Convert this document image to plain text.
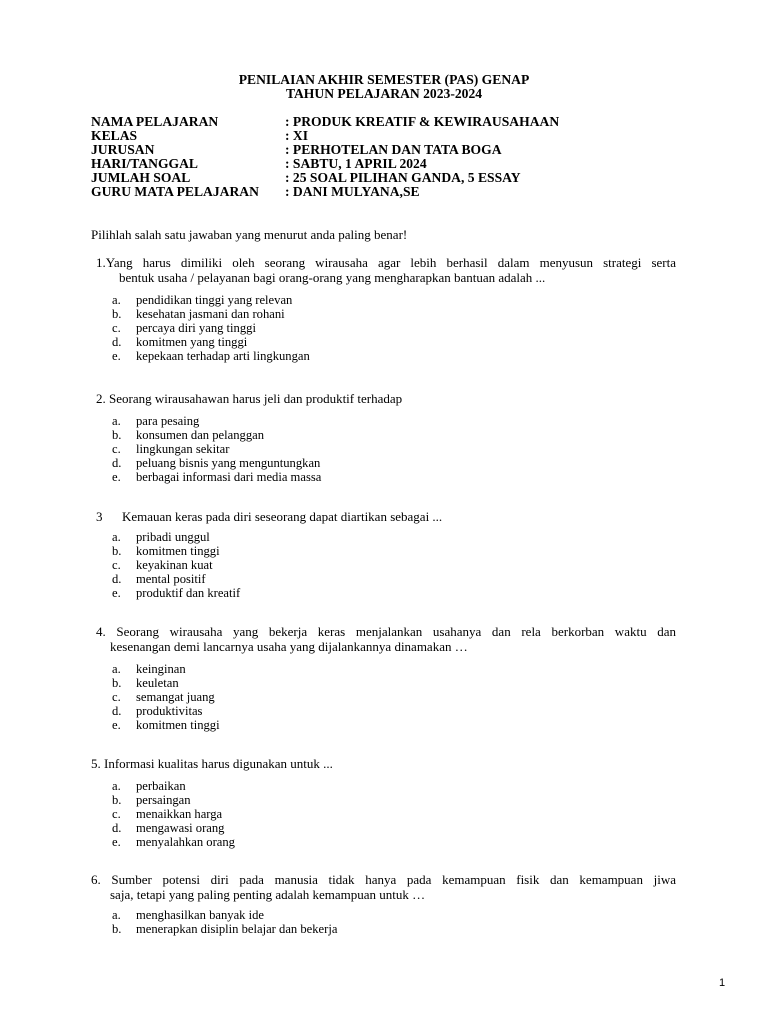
PENILAIAN AKHIR SEMESTER (PAS) GENAP
TAHUN PELAJARAN 2023-2024
NAMA PELAJARAN	: PRODUK KREATIF & KEWIRAUSAHAAN
KELAS	: XI
JURUSAN	: PERHOTELAN DAN TATA BOGA
HARI/TANGGAL	: SABTU, 1 APRIL 2024
JUMLAH SOAL	: 25 SOAL PILIHAN GANDA, 5 ESSAY
GURU MATA PELAJARAN : DANI MULYANA,SE
Pilihlah salah satu jawaban yang menurut anda paling benar!
1.Yang harus dimiliki oleh seorang wirausaha agar lebih berhasil dalam menyusun strategi serta
bentuk usaha / pelayanan bagi orang-orang yang mengharapkan bantuan adalah ...
a. pendidikan tinggi yang relevan
b. kesehatan jasmani dan rohani
c. percaya diri yang tinggi
d. komitmen yang tinggi
e. kepekaan terhadap arti lingkungan
2. Seorang wirausahawan harus jeli dan produktif terhadap
a. para pesaing
b. konsumen dan pelanggan
c. lingkungan sekitar
d. peluang bisnis yang menguntungkan
e. berbagai informasi dari media massa
3 Kemauan keras pada diri seseorang dapat diartikan sebagai ...
a. pribadi unggul
b. komitmen tinggi
c. keyakinan kuat
d. mental positif
e. produktif dan kreatif
4. Seorang wirausaha yang bekerja keras menjalankan usahanya dan rela berkorban waktu dan
kesenangan demi lancarnya usaha yang dijalankannya dinamakan …
a. keinginan
b. keuletan
c. semangat juang
d. produktivitas
e. komitmen tinggi
5. Informasi kualitas harus digunakan untuk ...
a. perbaikan
b. persaingan
c. menaikkan harga
d. mengawasi orang
e. menyalahkan orang
6. Sumber potensi diri pada manusia tidak hanya pada kemampuan fisik dan kemampuan jiwa
saja, tetapi yang paling penting adalah kemampuan untuk …
a. menghasilkan banyak ide
b. menerapkan disiplin belajar dan bekerja
1
